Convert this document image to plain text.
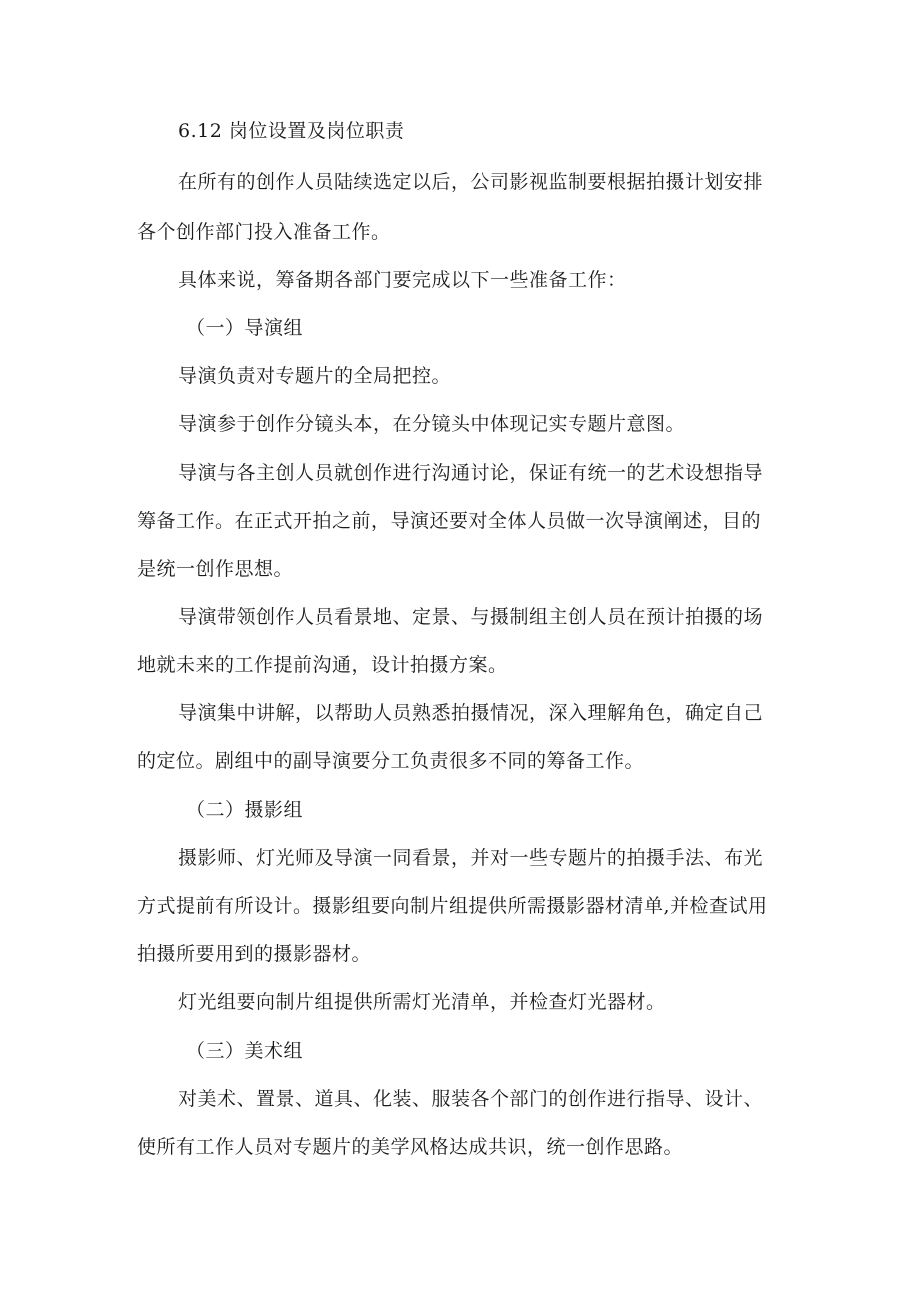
6.12 岗位设置及岗位职责
在所有的创作人员陆续选定以后，公司影视监制要根据拍摄计划安排
各个创作部门投入准备工作。
具体来说，筹备期各部门要完成以下一些准备工作：
（一）导演组
导演负责对专题片的全局把控。
导演参于创作分镜头本，在分镜头中体现记实专题片意图。
导演与各主创人员就创作进行沟通讨论，保证有统一的艺术设想指导
筹备工作。在正式开拍之前，导演还要对全体人员做一次导演阐述，目的
是统一创作思想。
导演带领创作人员看景地、定景、与摄制组主创人员在预计拍摄的场
地就未来的工作提前沟通，设计拍摄方案。
导演集中讲解，以帮助人员熟悉拍摄情况，深入理解角色，确定自己
的定位。剧组中的副导演要分工负责很多不同的筹备工作。
（二）摄影组
摄影师、灯光师及导演一同看景，并对一些专题片的拍摄手法、布光
方式提前有所设计。摄影组要向制片组提供所需摄影器材清单,并检查试用
拍摄所要用到的摄影器材。
灯光组要向制片组提供所需灯光清单，并检查灯光器材。
（三）美术组
对美术、置景、道具、化装、服装各个部门的创作进行指导、设计、
使所有工作人员对专题片的美学风格达成共识，统一创作思路。
